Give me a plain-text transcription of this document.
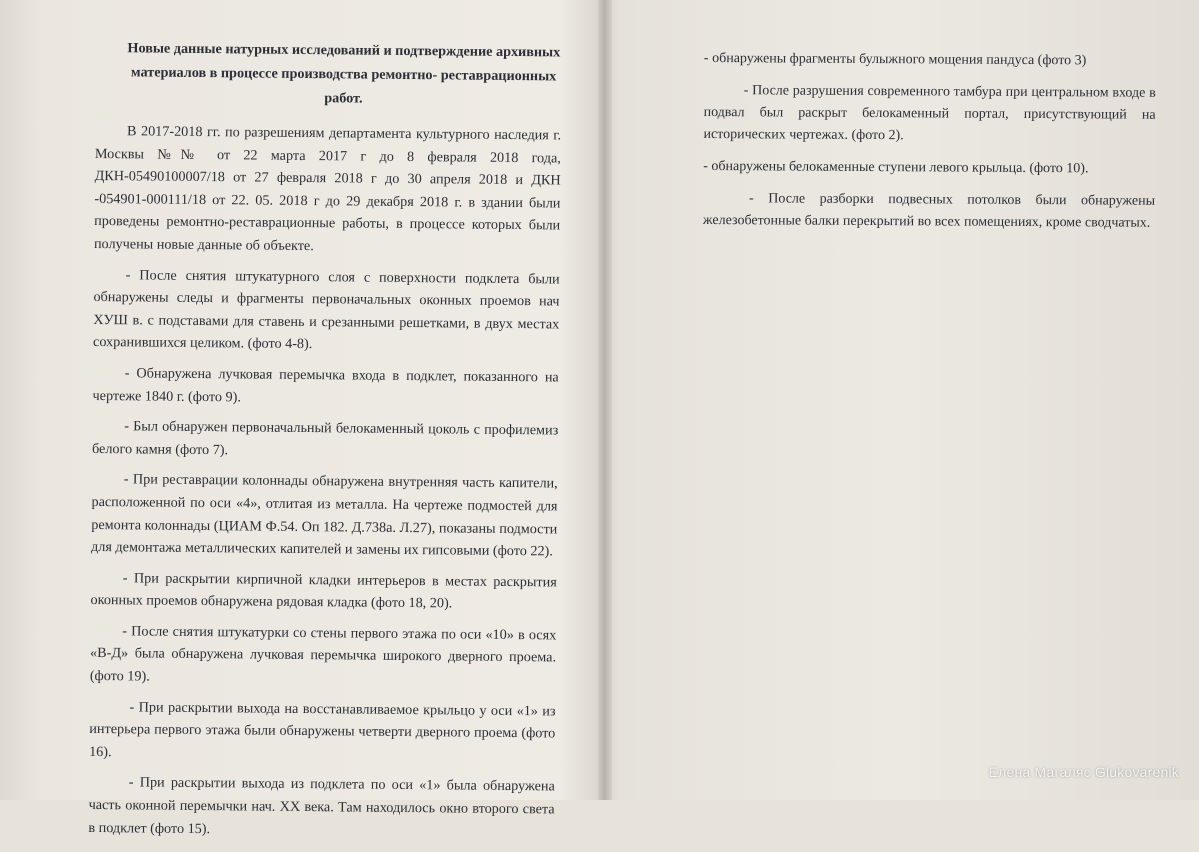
Новые данные натурных исследований и подтверждение архивных материалов в процессе производства ремонтно- реставрационных работ.

В 2017-2018 гг. по разрешениям департамента культурного наследия г. Москвы №№ от 22 марта 2017 г до 8 февраля 2018 года, ДКН-05490100007/18 от 27 февраля 2018 г до 30 апреля 2018 и ДКН -054901-000111/18 от 22. 05. 2018 г до 29 декабря 2018 г. в здании были проведены ремонтно-реставрационные работы, в процессе которых были получены новые данные об объекте.

- После снятия штукатурного слоя с поверхности подклета были обнаружены следы и фрагменты первоначальных оконных проемов нач ХУШ в. с подставами для ставень и срезанными решетками, в двух местах сохранившихся целиком. (фото 4-8).

- Обнаружена лучковая перемычка входа в подклет, показанного на чертеже 1840 г. (фото 9).

- Был обнаружен первоначальный белокаменный цоколь с профилемиз белого камня (фото 7).

- При реставрации колоннады обнаружена внутренняя часть капители, расположенной по оси «4», отлитая из металла. На чертеже подмостей для ремонта колоннады (ЦИАМ Ф.54. Оп 182. Д.738а. Л.27), показаны подмости для демонтажа металлических капителей и замены их гипсовыми (фото 22).

- При раскрытии кирпичной кладки интерьеров в местах раскрытия оконных проемов обнаружена рядовая кладка (фото 18, 20).

- После снятия штукатурки со стены первого этажа по оси «10» в осях «В-Д» была обнаружена лучковая перемычка широкого дверного проема. (фото 19).

- При раскрытии выхода на восстанавливаемое крыльцо у оси «1» из интерьера первого этажа были обнаружены четверти дверного проема (фото 16).

- При раскрытии выхода из подклета по оси «1» была обнаружена часть оконной перемычки нач. XX века. Там находилось окно второго света в подклет (фото 15).

- обнаружены фрагменты булыжного мощения пандуса (фото 3)

- После разрушения современного тамбура при центральном входе в подвал был раскрыт белокаменный портал, присутствующий на исторических чертежах. (фото 2).

- обнаружены белокаменные ступени левого крыльца. (фото 10).

- После разборки подвесных потолков были обнаружены железобетонные балки перекрытий во всех помещениях, кроме сводчатых.

Елена Магаляс Glukovarenik
